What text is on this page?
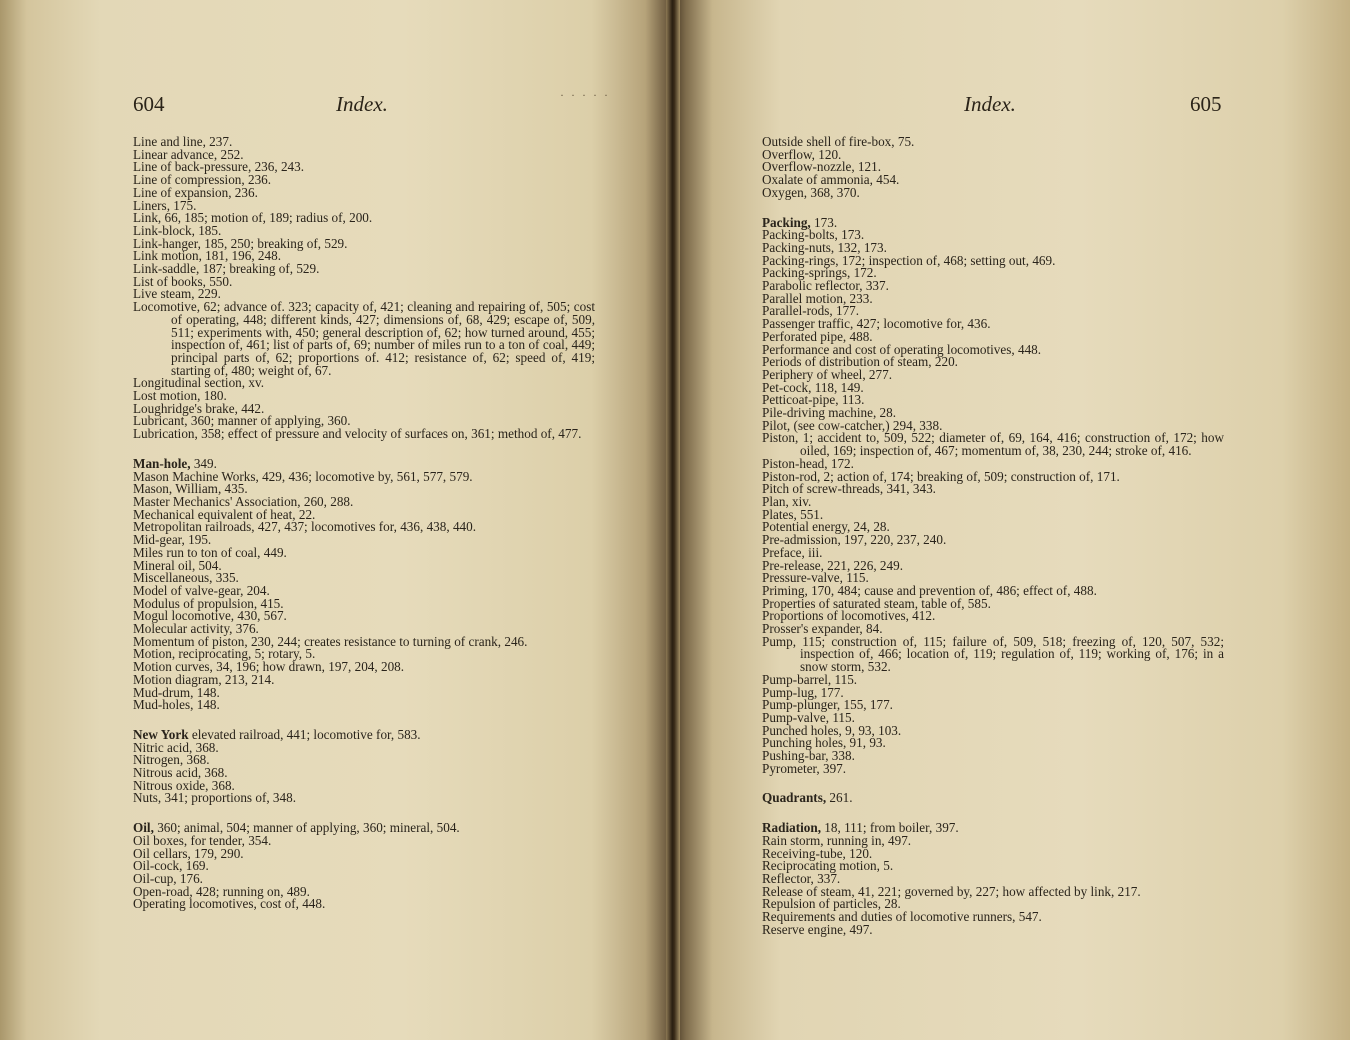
604	Index.	· · · · ·

Line and line, 237.

Linear advance, 252.

Line of back-pressure, 236, 243.

Line of compression, 236.

Line of expansion, 236.

Liners, 175.

Link, 66, 185; motion of, 189; radius of, 200.

Link-block, 185.

Link-hanger, 185, 250; breaking of, 529.

Link motion, 181, 196, 248.

Link-saddle, 187; breaking of, 529.

List of books, 550.

Live steam, 229.

Locomotive, 62; advance of. 323; capacity of, 421; cleaning and repairing of, 505; cost of operating, 448; different kinds, 427; dimensions of, 68, 429; escape of, 509, 511; experiments with, 450; general description of, 62; how turned around, 455; inspection of, 461; list of parts of, 69; number of miles run to a ton of coal, 449; principal parts of, 62; proportions of. 412; resistance of, 62; speed of, 419; starting of, 480; weight of, 67.

Longitudinal section, xv.

Lost motion, 180.

Loughridge's brake, 442.

Lubricant, 360; manner of applying, 360.

Lubrication, 358; effect of pressure and velocity of surfaces on, 361; method of, 477.

Man-hole, 349.

Mason Machine Works, 429, 436; locomotive by, 561, 577, 579.

Mason, William, 435.

Master Mechanics' Association, 260, 288.

Mechanical equivalent of heat, 22.

Metropolitan railroads, 427, 437; locomotives for, 436, 438, 440.

Mid-gear, 195.

Miles run to ton of coal, 449.

Mineral oil, 504.

Miscellaneous, 335.

Model of valve-gear, 204.

Modulus of propulsion, 415.

Mogul locomotive, 430, 567.

Molecular activity, 376.

Momentum of piston, 230, 244; creates resistance to turning of crank, 246.

Motion, reciprocating, 5; rotary, 5.

Motion curves, 34, 196; how drawn, 197, 204, 208.

Motion diagram, 213, 214.

Mud-drum, 148.

Mud-holes, 148.

New York elevated railroad, 441; locomotive for, 583.

Nitric acid, 368.

Nitrogen, 368.

Nitrous acid, 368.

Nitrous oxide, 368.

Nuts, 341; proportions of, 348.

Oil, 360; animal, 504; manner of applying, 360; mineral, 504.

Oil boxes, for tender, 354.

Oil cellars, 179, 290.

Oil-cock, 169.

Oil-cup, 176.

Open-road, 428; running on, 489.

Operating locomotives, cost of, 448.

Index.	605

Outside shell of fire-box, 75.

Overflow, 120.

Overflow-nozzle, 121.

Oxalate of ammonia, 454.

Oxygen, 368, 370.

Packing, 173.

Packing-bolts, 173.

Packing-nuts, 132, 173.

Packing-rings, 172; inspection of, 468; setting out, 469.

Packing-springs, 172.

Parabolic reflector, 337.

Parallel motion, 233.

Parallel-rods, 177.

Passenger traffic, 427; locomotive for, 436.

Perforated pipe, 488.

Performance and cost of operating locomotives, 448.

Periods of distribution of steam, 220.

Periphery of wheel, 277.

Pet-cock, 118, 149.

Petticoat-pipe, 113.

Pile-driving machine, 28.

Pilot, (see cow-catcher,) 294, 338.

Piston, 1; accident to, 509, 522; diameter of, 69, 164, 416; construction of, 172; how oiled, 169; inspection of, 467; momentum of, 38, 230, 244; stroke of, 416.

Piston-head, 172.

Piston-rod, 2; action of, 174; breaking of, 509; construction of, 171.

Pitch of screw-threads, 341, 343.

Plan, xiv.

Plates, 551.

Potential energy, 24, 28.

Pre-admission, 197, 220, 237, 240.

Preface, iii.

Pre-release, 221, 226, 249.

Pressure-valve, 115.

Priming, 170, 484; cause and prevention of, 486; effect of, 488.

Properties of saturated steam, table of, 585.

Proportions of locomotives, 412.

Prosser's expander, 84.

Pump, 115; construction of, 115; failure of, 509, 518; freezing of, 120, 507, 532; inspection of, 466; location of, 119; regulation of, 119; working of, 176; in a snow storm, 532.

Pump-barrel, 115.

Pump-lug, 177.

Pump-plunger, 155, 177.

Pump-valve, 115.

Punched holes, 9, 93, 103.

Punching holes, 91, 93.

Pushing-bar, 338.

Pyrometer, 397.

Quadrants, 261.

Radiation, 18, 111; from boiler, 397.

Rain storm, running in, 497.

Receiving-tube, 120.

Reciprocating motion, 5.

Reflector, 337.

Release of steam, 41, 221; governed by, 227; how affected by link, 217.

Repulsion of particles, 28.

Requirements and duties of locomotive runners, 547.

Reserve engine, 497.
